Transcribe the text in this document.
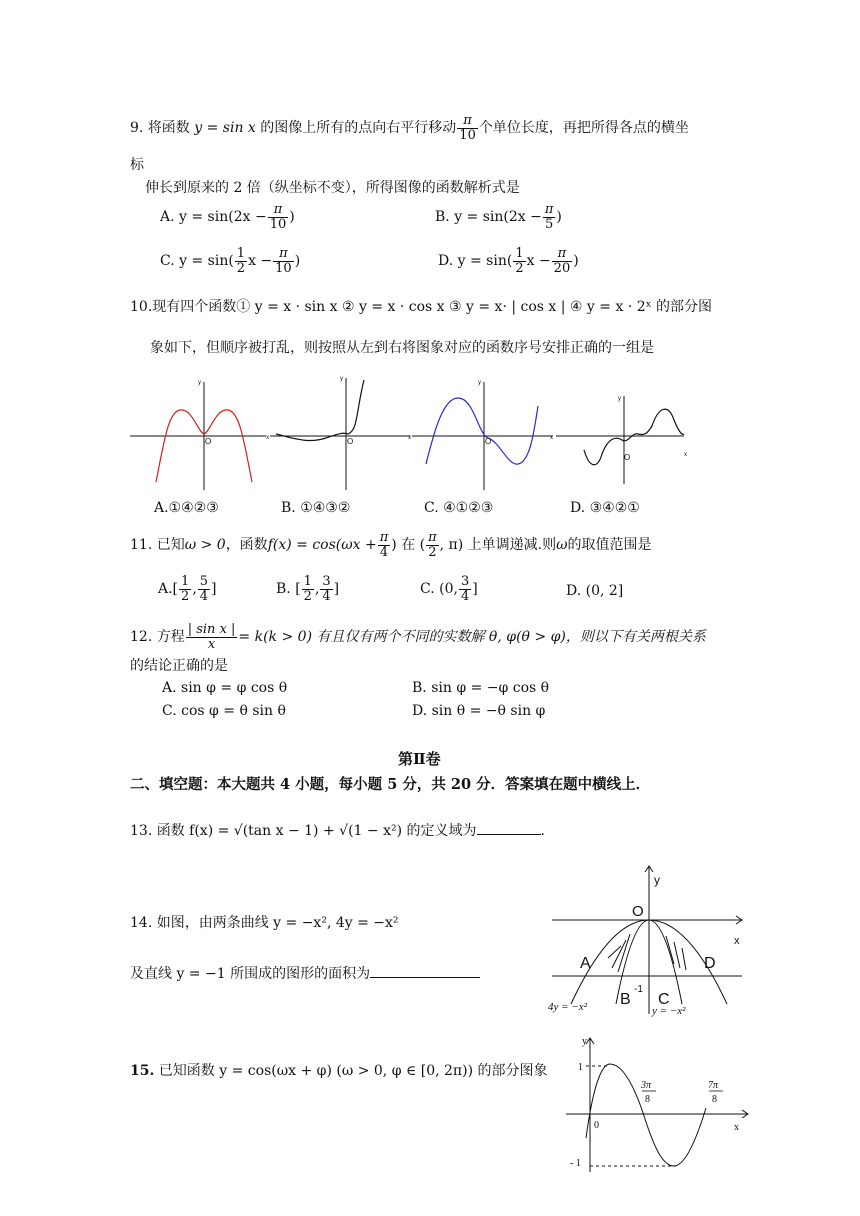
9. 将函数 y = sin x 的图像上所有的点向右平行移动 $\frac{\pi}{10}$ 个单位长度，再把所得各点的横坐
标
伸长到原来的 2 倍（纵坐标不变），所得图像的函数解析式是
A. $y = \sin(2x - \frac{\pi}{10}$ )	B. $y = \sin(2x - \frac{\pi}{5}$ )
C. $y = \sin( \frac{1}{2}$ $x - \frac{\pi}{10}$ )	D. $y = \sin( \frac{1}{2}$ $x - \frac{\pi}{20}$ )
10.现有四个函数① y = x · sin x ② y = x · cos x ③ y = x· | cos x | ④ y = x · 2ˣ 的部分图
象如下，但顺序被打乱，则按照从左到右将图象对应的函数序号安排正确的一组是
y
x
y
x
y
x
y
x
O	O	O
O
A.①④②③	B. ①④③②	C. ④①②③	D. ③④②①
11. 已知ω > 0，函数$f(x) = \cos(\omega x + \frac{\pi}{4}$ ) 在 ( $\frac{\pi}{2}$ , π) 上单调递减.则ω的取值范围是
$A.[ \frac{1}{2}$ , $\frac{5}{4}$ ]	B. [ $\frac{1}{2}$ , $\frac{3}{4}$ ]	C. (0, $\frac{3}{4}$ ]	D. (0, 2]
12. 方程 $\frac{\text{| sin x |}}{x} = k(k > 0)$ 有且仅有两个不同的实数解 θ, φ(θ > φ)，则以下有关两根关系
的结论正确的是
A. sin φ = φ cos θ	B. sin φ = −φ cos θ
C. cos φ = θ sin θ	D. sin θ = −θ sin φ
第Ⅱ卷
二、填空题：本大题共 4 小题，每小题 5 分，共 20 分．答案填在题中横线上．
13. 函数 f(x) = √(tan x − 1) + √(1 − x²) 的定义域为	.
14. 如图，由两条曲线 y = −x², 4y = −x²
及直线 y = −1 所围成的图形的面积为
y
x
O
A
B C
D
-1
4y = −x²	y = −x²
15. 已知函数 y = cos(ωx + φ) (ω > 0, φ ∈ [0, 2π)) 的部分图象
y
x
0
1
- 1
3π
8
7π
8
